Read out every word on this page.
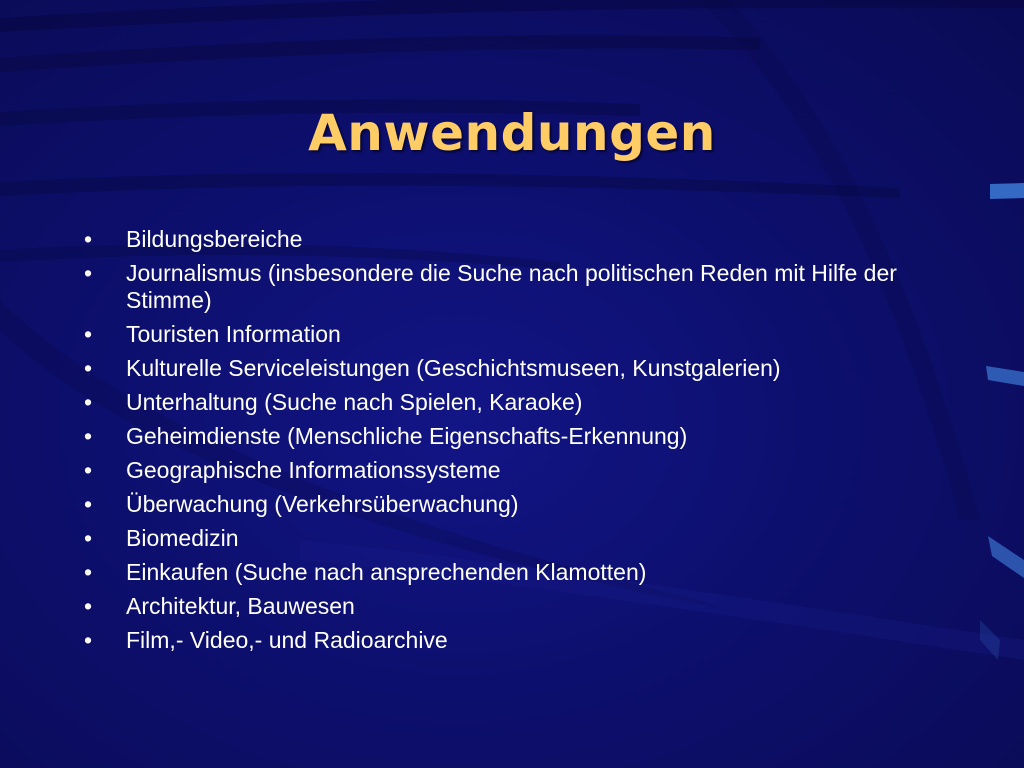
Anwendungen
•	Bildungsbereiche
•	Journalismus (insbesondere die Suche nach politischen Reden mit Hilfe der Stimme)
•	Touristen Information
•	Kulturelle Serviceleistungen (Geschichtsmuseen, Kunstgalerien)
•	Unterhaltung (Suche nach Spielen, Karaoke)
•	Geheimdienste (Menschliche Eigenschafts-Erkennung)
•	Geographische Informationssysteme
•	Überwachung (Verkehrsüberwachung)
•	Biomedizin
•	Einkaufen (Suche nach ansprechenden Klamotten)
•	Architektur, Bauwesen
•	Film,- Video,- und Radioarchive
